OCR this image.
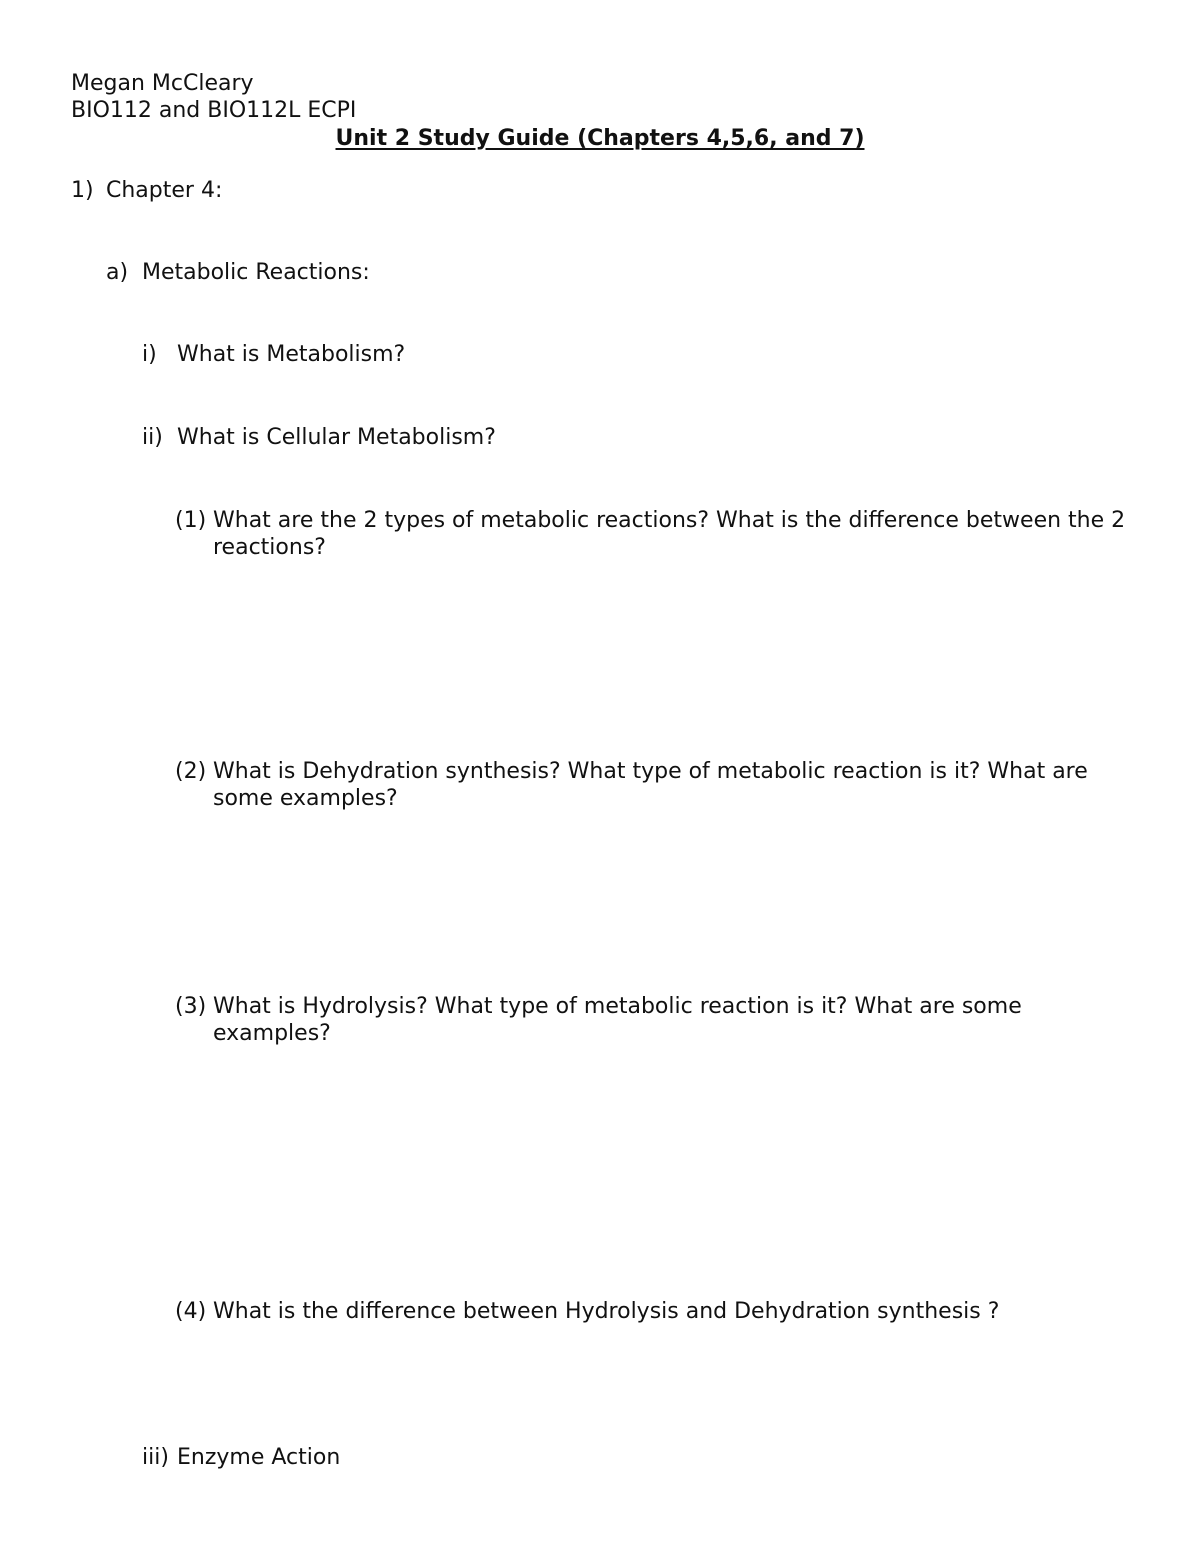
Megan McCleary
BIO112 and BIO112L ECPI
Unit 2 Study Guide (Chapters 4,5,6, and 7)
1) Chapter 4:
a) Metabolic Reactions:
i) What is Metabolism?
ii) What is Cellular Metabolism?
(1) What are the 2 types of metabolic reactions? What is the difference between the 2 reactions?
(2) What is Dehydration synthesis? What type of metabolic reaction is it? What are some examples?
(3) What is Hydrolysis? What type of metabolic reaction is it? What are some examples?
(4) What is the difference between Hydrolysis and Dehydration synthesis ?
iii) Enzyme Action
